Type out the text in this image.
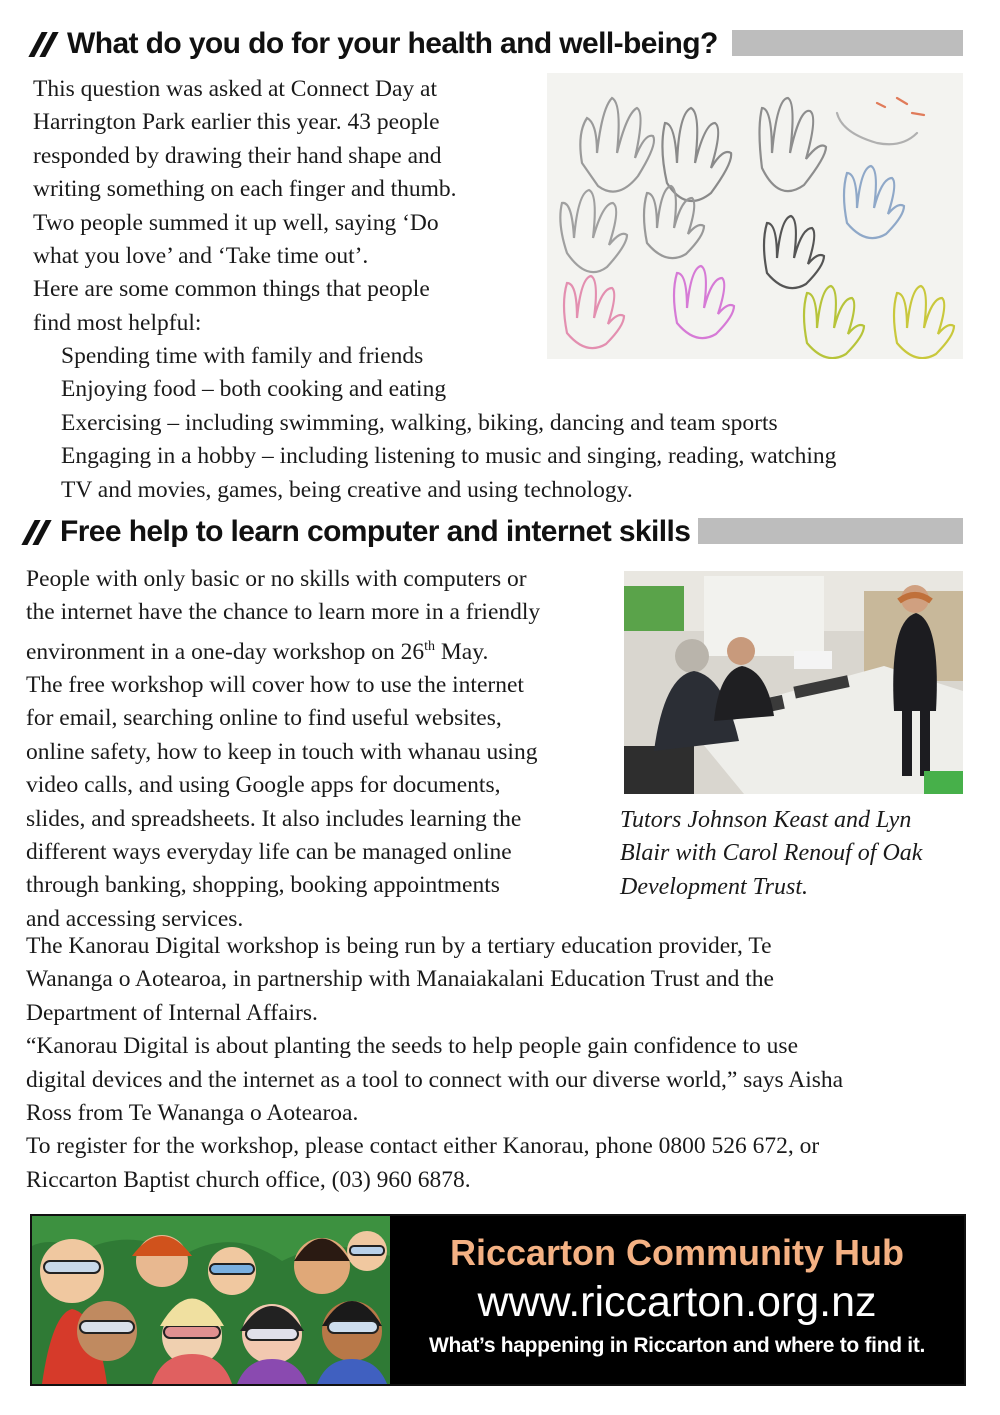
What do you do for your health and well-being?

This question was asked at Connect Day at

Harrington Park earlier this year. 43 people

responded by drawing their hand shape and

writing something on each finger and thumb.

Two people summed it up well, saying ‘Do

what you love’ and ‘Take time out’.

Here are some common things that people

find most helpful:

Spending time with family and friends

Enjoying food – both cooking and eating

Exercising – including swimming, walking, biking, dancing and team sports

Engaging in a hobby – including listening to music and singing, reading, watching

TV and movies, games, being creative and using technology.

Free help to learn computer and internet skills

People with only basic or no skills with computers or

the internet have the chance to learn more in a friendly

environment in a one-day workshop on 26th May.

The free workshop will cover how to use the internet

for email, searching online to find useful websites,

online safety, how to keep in touch with whanau using

video calls, and using Google apps for documents,

slides, and spreadsheets. It also includes learning the

different ways everyday life can be managed online

through banking, shopping, booking appointments

and accessing services.

Tutors Johnson Keast and Lyn
Blair with Carol Renouf of Oak
Development Trust.

The Kanorau Digital workshop is being run by a tertiary education provider, Te

Wananga o Aotearoa, in partnership with Manaiakalani Education Trust and the

Department of Internal Affairs.

“Kanorau Digital is about planting the seeds to help people gain confidence to use

digital devices and the internet as a tool to connect with our diverse world,” says Aisha

Ross from Te Wananga o Aotearoa.

To register for the workshop, please contact either Kanorau, phone 0800 526 672, or

Riccarton Baptist church office, (03) 960 6878.

Riccarton Community Hub
www.riccarton.org.nz
What’s happening in Riccarton and where to find it.
